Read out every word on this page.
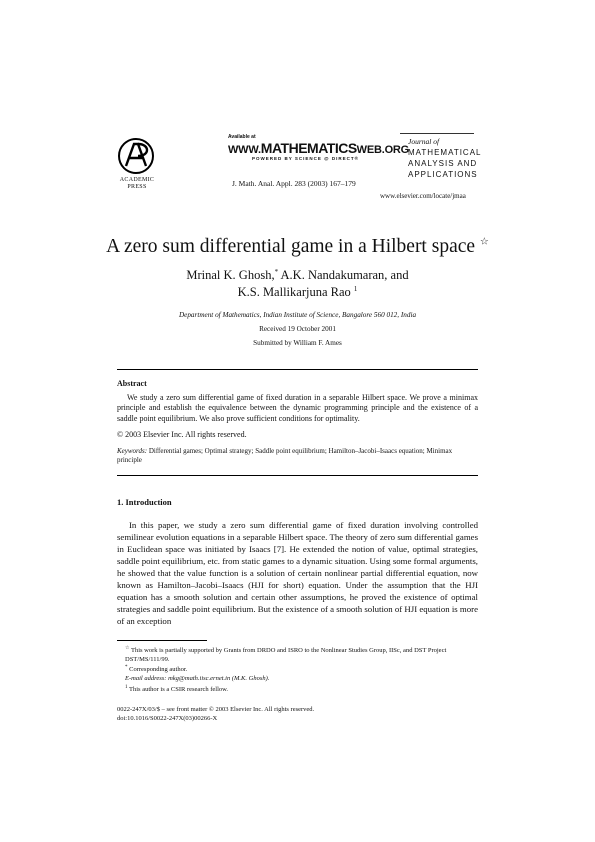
ACADEMIC
PRESS
Available at
WWW.MATHEMATICSWEB.ORG
POWERED BY SCIENCE @ DIRECT®
J. Math. Anal. Appl. 283 (2003) 167–179
Journal of
MATHEMATICAL
ANALYSIS AND
APPLICATIONS
www.elsevier.com/locate/jmaa
A zero sum differential game in a Hilbert space ☆
Mrinal K. Ghosh,* A.K. Nandakumaran, and
K.S. Mallikarjuna Rao $^1$
Department of Mathematics, Indian Institute of Science, Bangalore 560 012, India
Received 19 October 2001
Submitted by William F. Ames
Abstract
We study a zero sum differential game of fixed duration in a separable Hilbert space. We prove a minimax principle and establish the equivalence between the dynamic programming principle and the existence of a saddle point equilibrium. We also prove sufficient conditions for optimality.
© 2003 Elsevier Inc. All rights reserved.
Keywords: Differential games; Optimal strategy; Saddle point equilibrium; Hamilton–Jacobi–Isaacs equation; Minimax principle
1. Introduction
In this paper, we study a zero sum differential game of fixed duration involving controlled semilinear evolution equations in a separable Hilbert space. The theory of zero sum differential games in Euclidean space was initiated by Isaacs [7]. He extended the notion of value, optimal strategies, saddle point equilibrium, etc. from static games to a dynamic situation. Using some formal arguments, he showed that the value function is a solution of certain nonlinear partial differential equation, now known as Hamilton–Jacobi–Isaacs (HJI for short) equation. Under the assumption that the HJI equation has a smooth solution and certain other assumptions, he proved the existence of optimal strategies and saddle point equilibrium. But the existence of a smooth solution of HJI equation is more of an exception
☆ This work is partially supported by Grants from DRDO and ISRO to the Nonlinear Studies Group, IISc, and DST Project DST/MS/111/99.
* Corresponding author.
E-mail address: mkg@math.iisc.ernet.in (M.K. Ghosh).
$^1$ This author is a CSIR research fellow.
0022-247X/03/$ – see front matter © 2003 Elsevier Inc. All rights reserved.
doi:10.1016/S0022-247X(03)00266-X
